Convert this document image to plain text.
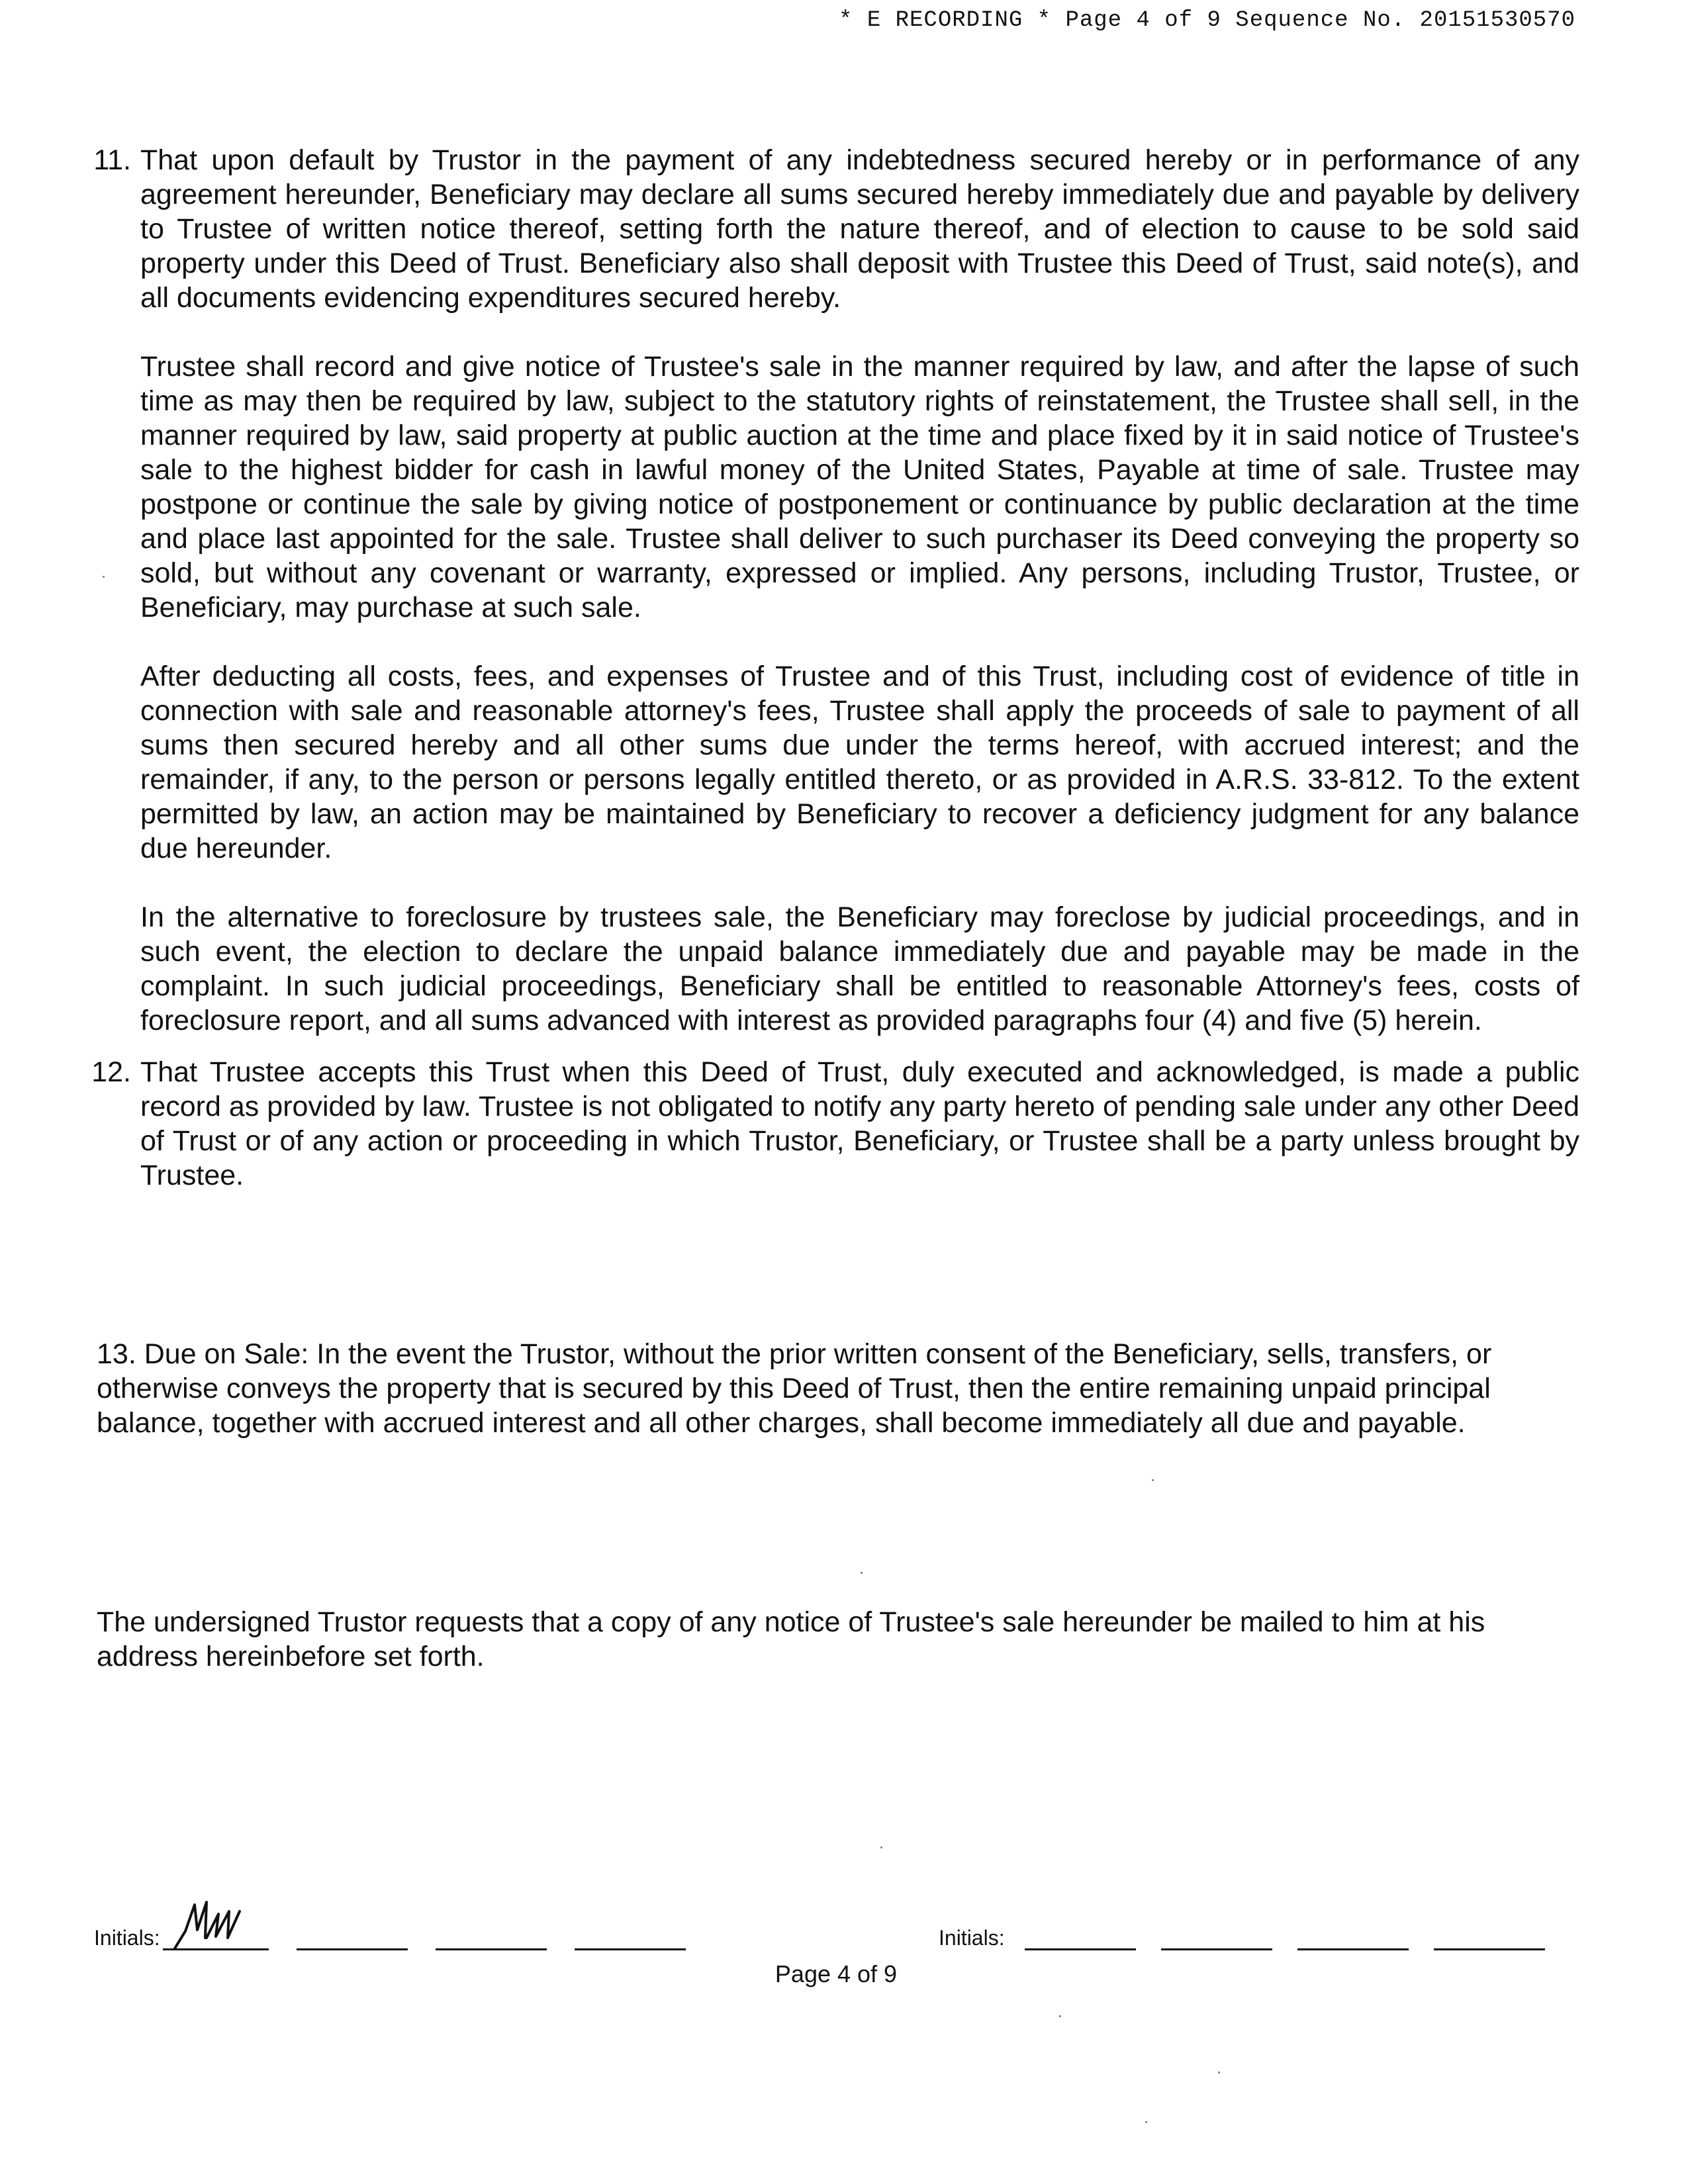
* E RECORDING * Page 4 of 9 Sequence No. 20151530570
11. That upon default by Trustor in the payment of any indebtedness secured hereby or in performance of any agreement hereunder, Beneficiary may declare all sums secured hereby immediately due and payable by delivery to Trustee of written notice thereof, setting forth the nature thereof, and of election to cause to be sold said property under this Deed of Trust. Beneficiary also shall deposit with Trustee this Deed of Trust, said note(s), and all documents evidencing expenditures secured hereby.

Trustee shall record and give notice of Trustee's sale in the manner required by law, and after the lapse of such time as may then be required by law, subject to the statutory rights of reinstatement, the Trustee shall sell, in the manner required by law, said property at public auction at the time and place fixed by it in said notice of Trustee's sale to the highest bidder for cash in lawful money of the United States, Payable at time of sale. Trustee may postpone or continue the sale by giving notice of postponement or continuance by public declaration at the time and place last appointed for the sale. Trustee shall deliver to such purchaser its Deed conveying the property so sold, but without any covenant or warranty, expressed or implied. Any persons, including Trustor, Trustee, or Beneficiary, may purchase at such sale.

After deducting all costs, fees, and expenses of Trustee and of this Trust, including cost of evidence of title in connection with sale and reasonable attorney's fees, Trustee shall apply the proceeds of sale to payment of all sums then secured hereby and all other sums due under the terms hereof, with accrued interest; and the remainder, if any, to the person or persons legally entitled thereto, or as provided in A.R.S. 33-812. To the extent permitted by law, an action may be maintained by Beneficiary to recover a deficiency judgment for any balance due hereunder.

In the alternative to foreclosure by trustees sale, the Beneficiary may foreclose by judicial proceedings, and in such event, the election to declare the unpaid balance immediately due and payable may be made in the complaint. In such judicial proceedings, Beneficiary shall be entitled to reasonable Attorney's fees, costs of foreclosure report, and all sums advanced with interest as provided paragraphs four (4) and five (5) herein.

12. That Trustee accepts this Trust when this Deed of Trust, duly executed and acknowledged, is made a public record as provided by law. Trustee is not obligated to notify any party hereto of pending sale under any other Deed of Trust or of any action or proceeding in which Trustor, Beneficiary, or Trustee shall be a party unless brought by Trustee.

13. Due on Sale: In the event the Trustor, without the prior written consent of the Beneficiary, sells, transfers, or otherwise conveys the property that is secured by this Deed of Trust, then the entire remaining unpaid principal balance, together with accrued interest and all other charges, shall become immediately all due and payable.

The undersigned Trustor requests that a copy of any notice of Trustee's sale hereunder be mailed to him at his address hereinbefore set forth.

Initials:
Page 4 of 9
Initials:
